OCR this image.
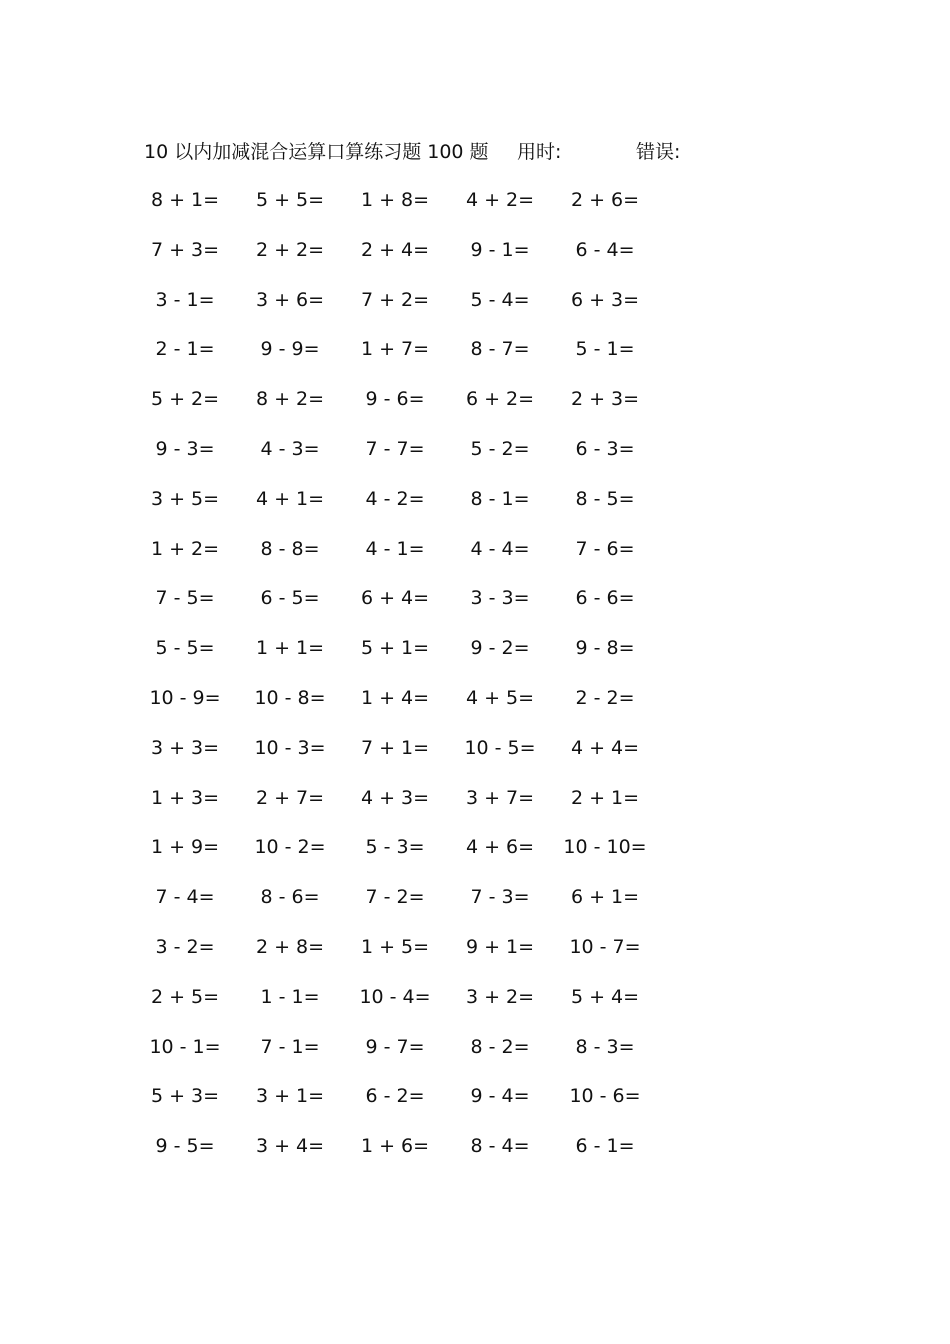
10 以内加减混合运算口算练习题 100 题 用时:	错误:
8 + 1=	5 + 5=	1 + 8=	4 + 2=	2 + 6=
7 + 3=	2 + 2=	2 + 4=	9 - 1=	6 - 4=
3 - 1=	3 + 6=	7 + 2=	5 - 4=	6 + 3=
2 - 1=	9 - 9=	1 + 7=	8 - 7=	5 - 1=
5 + 2=	8 + 2=	9 - 6=	6 + 2=	2 + 3=
9 - 3=	4 - 3=	7 - 7=	5 - 2=	6 - 3=
3 + 5=	4 + 1=	4 - 2=	8 - 1=	8 - 5=
1 + 2=	8 - 8=	4 - 1=	4 - 4=	7 - 6=
7 - 5=	6 - 5=	6 + 4=	3 - 3=	6 - 6=
5 - 5=	1 + 1=	5 + 1=	9 - 2=	9 - 8=
10 - 9=	10 - 8=	1 + 4=	4 + 5=	2 - 2=
3 + 3=	10 - 3=	7 + 1=	10 - 5=	4 + 4=
1 + 3=	2 + 7=	4 + 3=	3 + 7=	2 + 1=
1 + 9=	10 - 2=	5 - 3=	4 + 6=	10 - 10=
7 - 4=	8 - 6=	7 - 2=	7 - 3=	6 + 1=
3 - 2=	2 + 8=	1 + 5=	9 + 1=	10 - 7=
2 + 5=	1 - 1=	10 - 4=	3 + 2=	5 + 4=
10 - 1=	7 - 1=	9 - 7=	8 - 2=	8 - 3=
5 + 3=	3 + 1=	6 - 2=	9 - 4=	10 - 6=
9 - 5=	3 + 4=	1 + 6=	8 - 4=	6 - 1=
